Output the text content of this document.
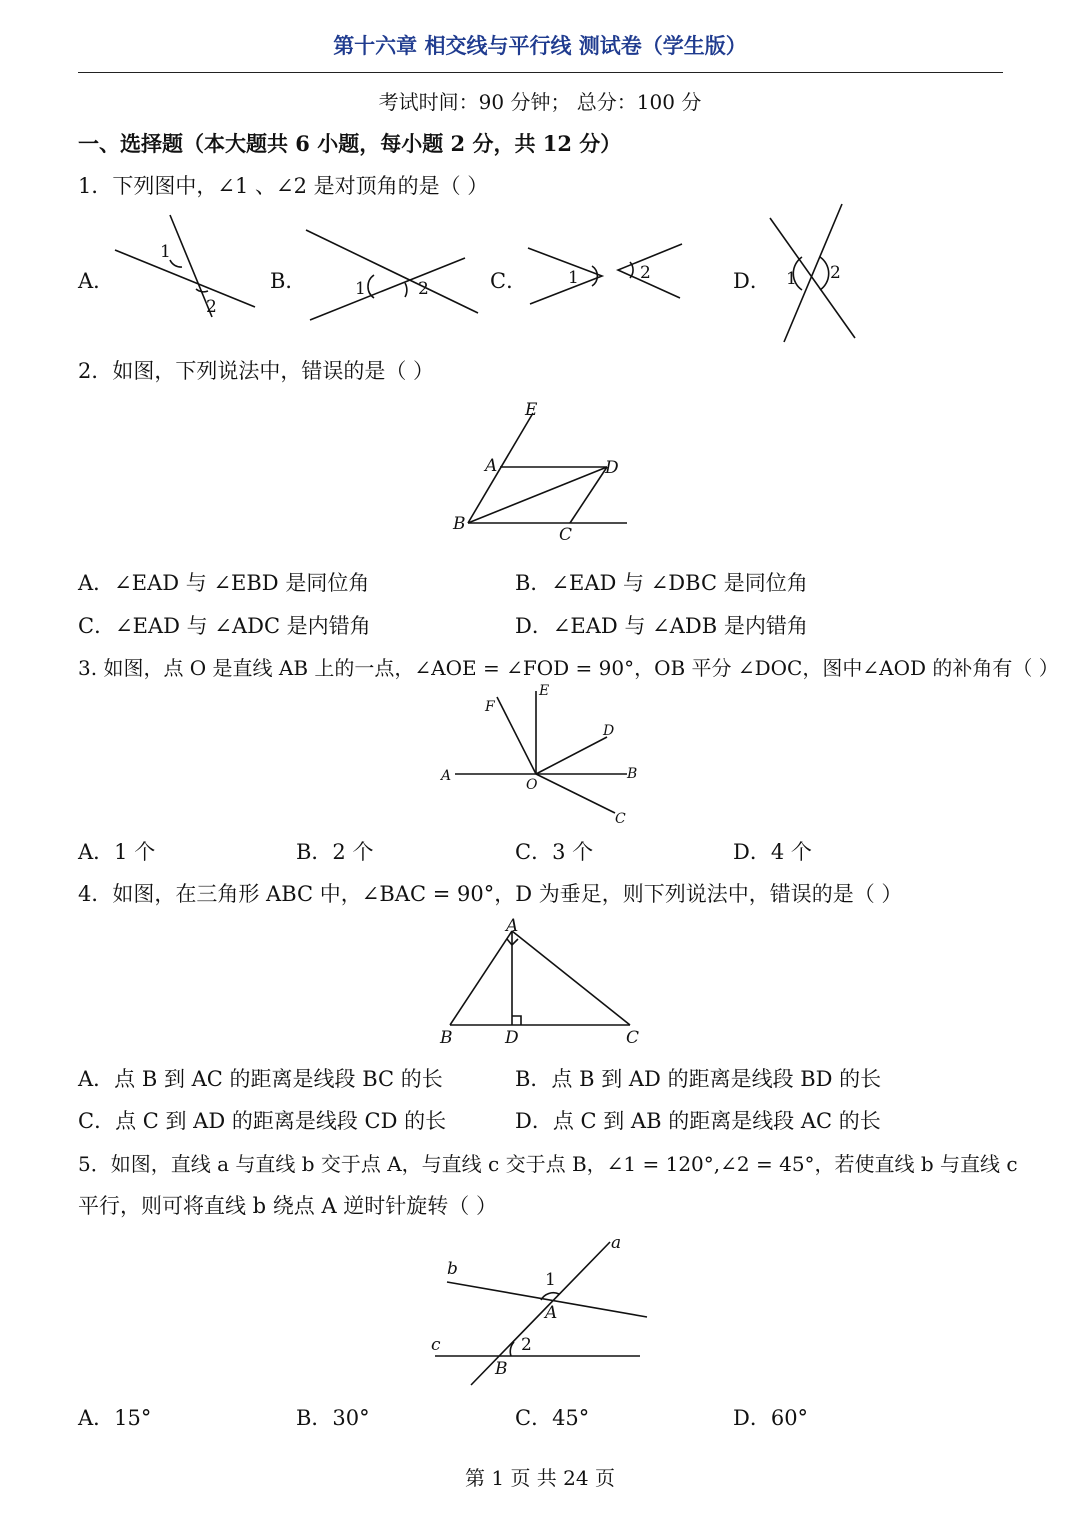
第十六章 相交线与平行线 测试卷（学生版）
考试时间：90 分钟； 总分：100 分
一、选择题（本大题共 6 小题，每小题 2 分，共 12 分）
1．下列图中，∠1 、∠2 是对顶角的是（ ）
A．
1
2
B．	1	2	C． 1	2	D． 1 2
2．如图，下列说法中，错误的是（ ）
E
A	D
B
C
A．∠EAD 与 ∠EBD 是同位角	B．∠EAD 与 ∠DBC 是同位角
C．∠EAD 与 ∠ADC 是内错角	D．∠EAD 与 ∠ADB 是内错角
3. 如图，点 O 是直线 AB 上的一点，∠AOE = ∠FOD = 90°，OB 平分 ∠DOC，图中∠AOD 的补角有（ ）
E
F
D
A	B
O
C
A．1 个	B．2 个	C．3 个	D．4 个
4．如图，在三角形 ABC 中，∠BAC = 90°，D 为垂足，则下列说法中，错误的是（ ）
A
B	D	C
A．点 B 到 AC 的距离是线段 BC 的长	B．点 B 到 AD 的距离是线段 BD 的长
C．点 C 到 AD 的距离是线段 CD 的长	D．点 C 到 AB 的距离是线段 AC 的长
5．如图，直线 a 与直线 b 交于点 A，与直线 c 交于点 B，∠1 = 120°,∠2 = 45°，若使直线 b 与直线 c
平行，则可将直线 b 绕点 A 逆时针旋转（ ）
a
b
c
1
A
2
B
A．15°	B．30°	C．45°	D．60°
第 1 页 共 24 页
